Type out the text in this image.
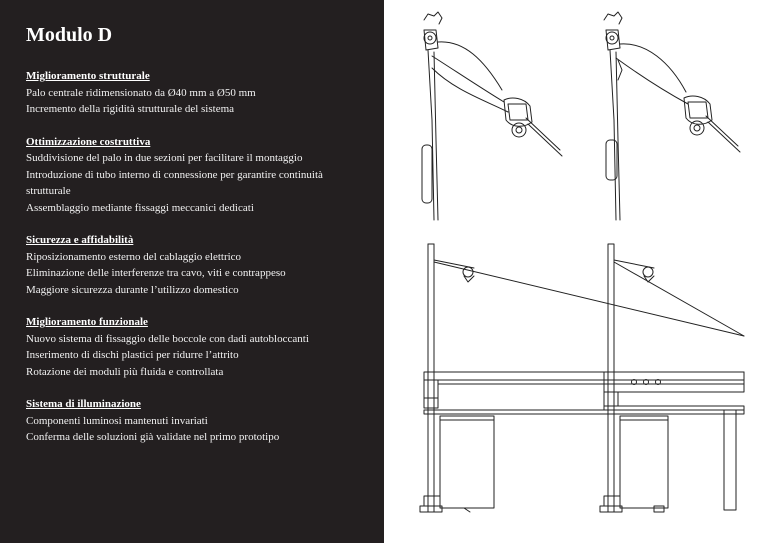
Modulo D

Miglioramento strutturale

Palo centrale ridimensionato da Ø40 mm a Ø50 mm

Incremento della rigidità strutturale del sistema

Ottimizzazione costruttiva

Suddivisione del palo in due sezioni per facilitare il montaggio

Introduzione di tubo interno di connessione per garantire continuità

strutturale

Assemblaggio mediante fissaggi meccanici dedicati

Sicurezza e affidabilità

Riposizionamento esterno del cablaggio elettrico

Eliminazione delle interferenze tra cavo, viti e contrappeso

Maggiore sicurezza durante l’utilizzo domestico

Miglioramento funzionale

Nuovo sistema di fissaggio delle boccole con dadi autobloccanti

Inserimento di dischi plastici per ridurre l’attrito

Rotazione dei moduli più fluida e controllata

Sistema di illuminazione

Componenti luminosi mantenuti invariati

Conferma delle soluzioni già validate nel primo prototipo
